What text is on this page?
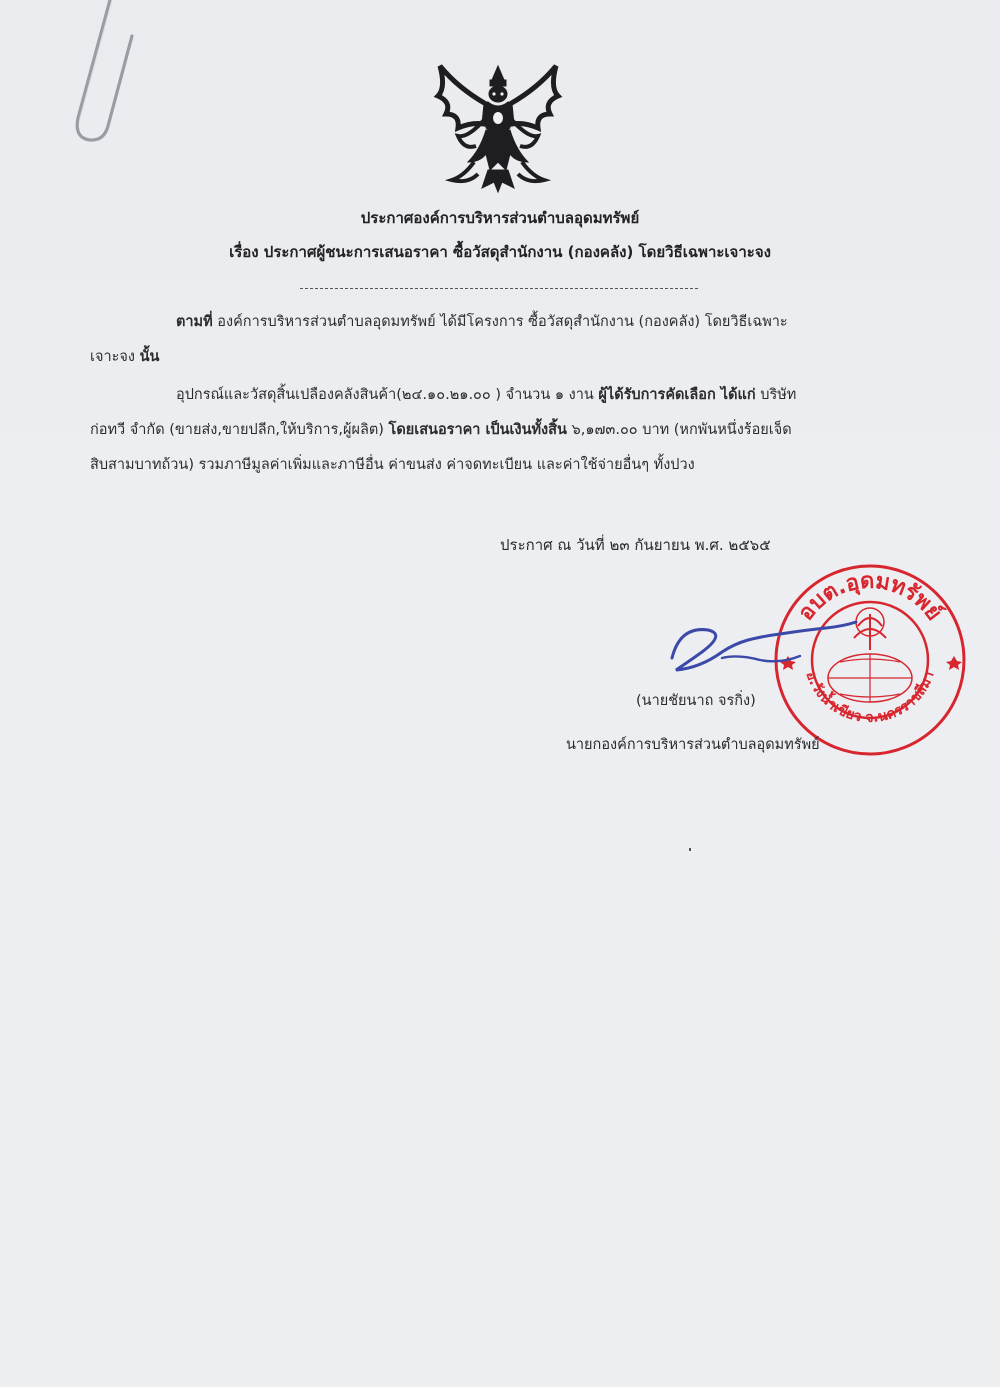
ประกาศองค์การบริหารส่วนตำบลอุดมทรัพย์
เรื่อง ประกาศผู้ชนะการเสนอราคา ซื้อวัสดุสำนักงาน (กองคลัง) โดยวิธีเฉพาะเจาะจง

ตามที่ องค์การบริหารส่วนตำบลอุดมทรัพย์ ได้มีโครงการ ซื้อวัสดุสำนักงาน (กองคลัง) โดยวิธีเฉพาะ

เจาะจง นั้น

อุปกรณ์และวัสดุสิ้นเปลืองคลังสินค้า(๒๔.๑๐.๒๑.๐๐ ) จำนวน ๑ งาน ผู้ได้รับการคัดเลือก ได้แก่ บริษัท

ก่อทวี จำกัด (ขายส่ง,ขายปลีก,ให้บริการ,ผู้ผลิต) โดยเสนอราคา เป็นเงินทั้งสิ้น ๖,๑๗๓.๐๐ บาท (หกพันหนึ่งร้อยเจ็ด

สิบสามบาทถ้วน) รวมภาษีมูลค่าเพิ่มและภาษีอื่น ค่าขนส่ง ค่าจดทะเบียน และค่าใช้จ่ายอื่นๆ ทั้งปวง

ประกาศ ณ วันที่ ๒๓ กันยายน พ.ศ. ๒๕๖๕
อบต.อุดมทรัพย์
อ.วังน้ำเขียว จ.นครราชสีมา
(นายชัยนาถ จรกิ่ง)
นายกองค์การบริหารส่วนตำบลอุดมทรัพย์
